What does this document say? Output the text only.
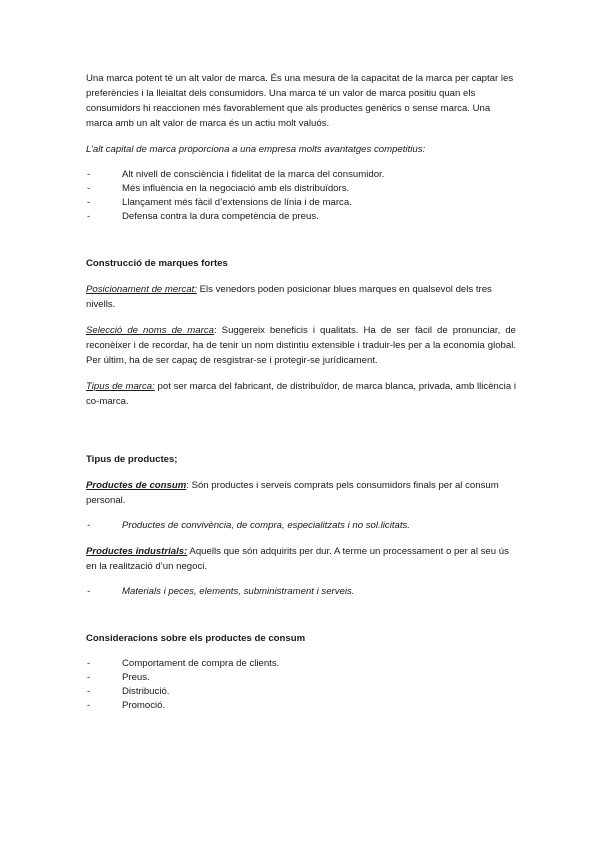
Una marca potent té un alt valor de marca. És una mesura de la capacitat de la marca per captar les preferències i la lleialtat dels consumidors. Una marca té un valor de marca positiu quan els consumidors hi reaccionen més favorablement que als productes genèrics o sense marca. Una marca amb un alt valor de marca és un actiu molt valuós.

L’alt capital de marca proporciona a una empresa molts avantatges competitius:

- Alt nivell de consciència i fidelitat de la marca del consumidor.
- Més influència en la negociació amb els distribuïdors.
- Llançament més fàcil d’extensions de línia i de marca.
- Defensa contra la dura competència de preus.

Construcció de marques fortes

Posicionament de mercat: Els venedors poden posicionar blues marques en qualsevol dels tres nivells.

Selecció de noms de marca: Suggereix beneficis i qualitats. Ha de ser fàcil de pronunciar, de reconèixer i de recordar, ha de tenir un nom distintiu extensible i traduir-les per a la economia global. Per últim, ha de ser capaç de resgistrar-se i protegir-se jurídicament.

Tipus de marca: pot ser marca del fabricant, de distribuïdor, de marca blanca, privada, amb llicència i co-marca.

Tipus de productes;

Productes de consum: Són productes i serveis comprats pels consumidors finals per al consum personal.

- Productes de convivència, de compra, especialitzats i no sol.licitats.

Productes industrials: Aquells que són adquirits per dur. A terme un processament o per al seu ús en la realització d’un negoci.

- Materials i peces, elements, subministrament i serveis.

Consideracions sobre els productes de consum

- Comportament de compra de clients.
- Preus.
- Distribució.
- Promoció.
